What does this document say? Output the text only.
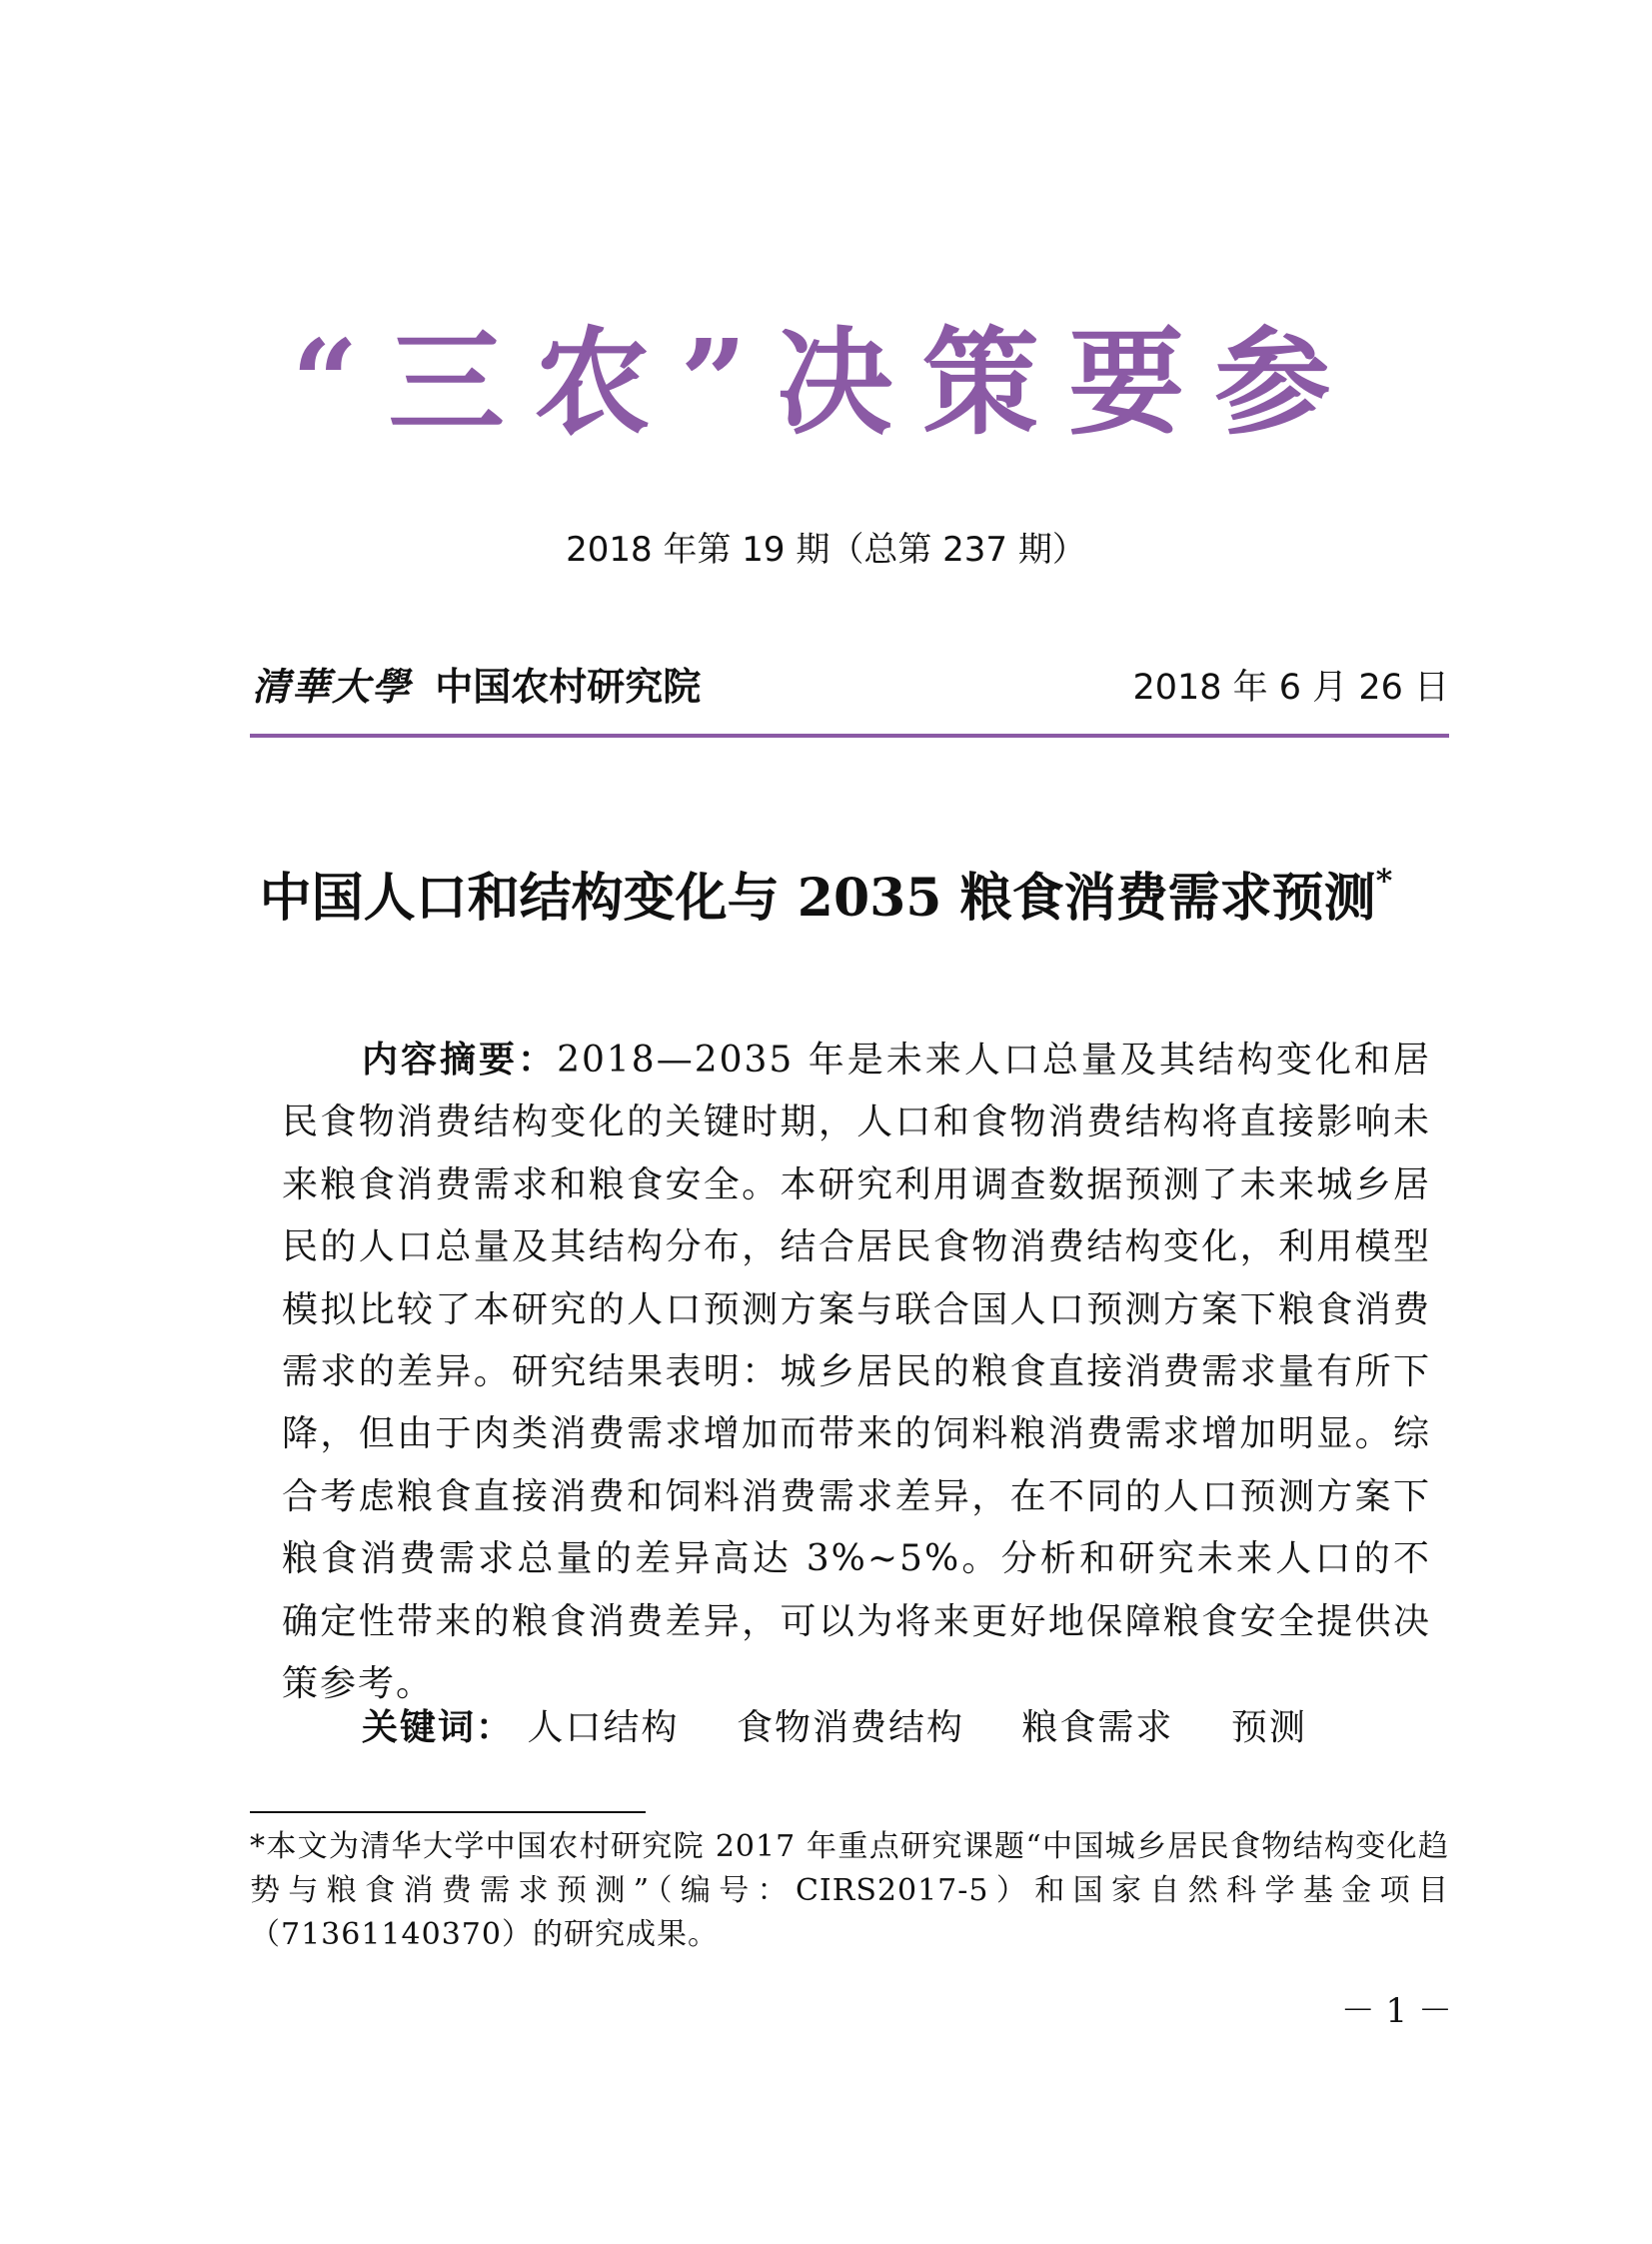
“三农”决策要参
2018 年第 19 期（总第 237 期）
清華大學 中国农村研究院	2018 年 6 月 26 日
中国人口和结构变化与 2035 粮食消费需求预测*
内容摘要：2018—2035 年是未来人口总量及其结构变化和居民食物消费结构变化的关键时期，人口和食物消费结构将直接影响未来粮食消费需求和粮食安全。本研究利用调查数据预测了未来城乡居民的人口总量及其结构分布，结合居民食物消费结构变化，利用模型模拟比较了本研究的人口预测方案与联合国人口预测方案下粮食消费需求的差异。研究结果表明：城乡居民的粮食直接消费需求量有所下降，但由于肉类消费需求增加而带来的饲料粮消费需求增加明显。综合考虑粮食直接消费和饲料消费需求差异，在不同的人口预测方案下粮食消费需求总量的差异高达 3%~5%。分析和研究未来人口的不确定性带来的粮食消费差异，可以为将来更好地保障粮食安全提供决策参考。
关键词： 人口结构 食物消费结构 粮食需求 预测
*本文为清华大学中国农村研究院 2017 年重点研究课题“中国城乡居民食物结构变化趋势与粮食消费需求预测”（编号：CIRS2017-5）和国家自然科学基金项目（71361140370）的研究成果。
－ 1 －
